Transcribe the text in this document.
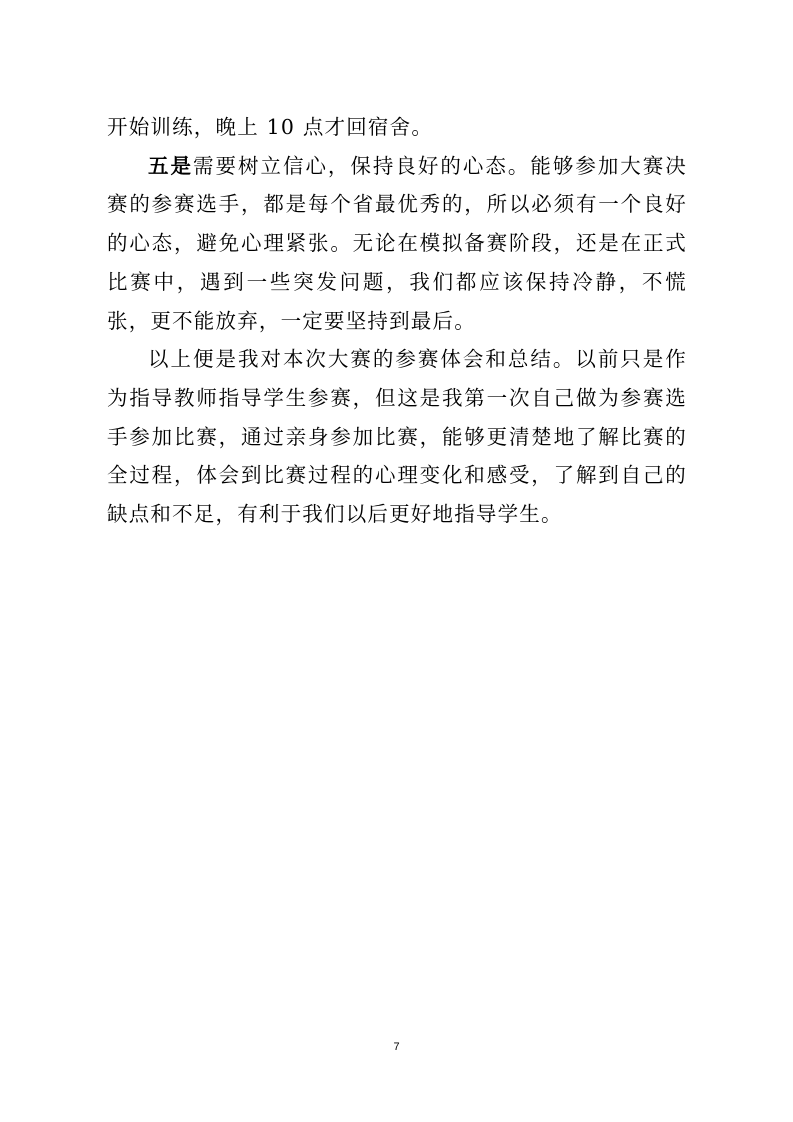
开始训练，晚上 10 点才回宿舍。

五是需要树立信心，保持良好的心态。能够参加大赛决赛的参赛选手，都是每个省最优秀的，所以必须有一个良好的心态，避免心理紧张。无论在模拟备赛阶段，还是在正式比赛中，遇到一些突发问题，我们都应该保持冷静，不慌张，更不能放弃，一定要坚持到最后。

以上便是我对本次大赛的参赛体会和总结。以前只是作为指导教师指导学生参赛，但这是我第一次自己做为参赛选手参加比赛，通过亲身参加比赛，能够更清楚地了解比赛的全过程，体会到比赛过程的心理变化和感受，了解到自己的缺点和不足，有利于我们以后更好地指导学生。

7
